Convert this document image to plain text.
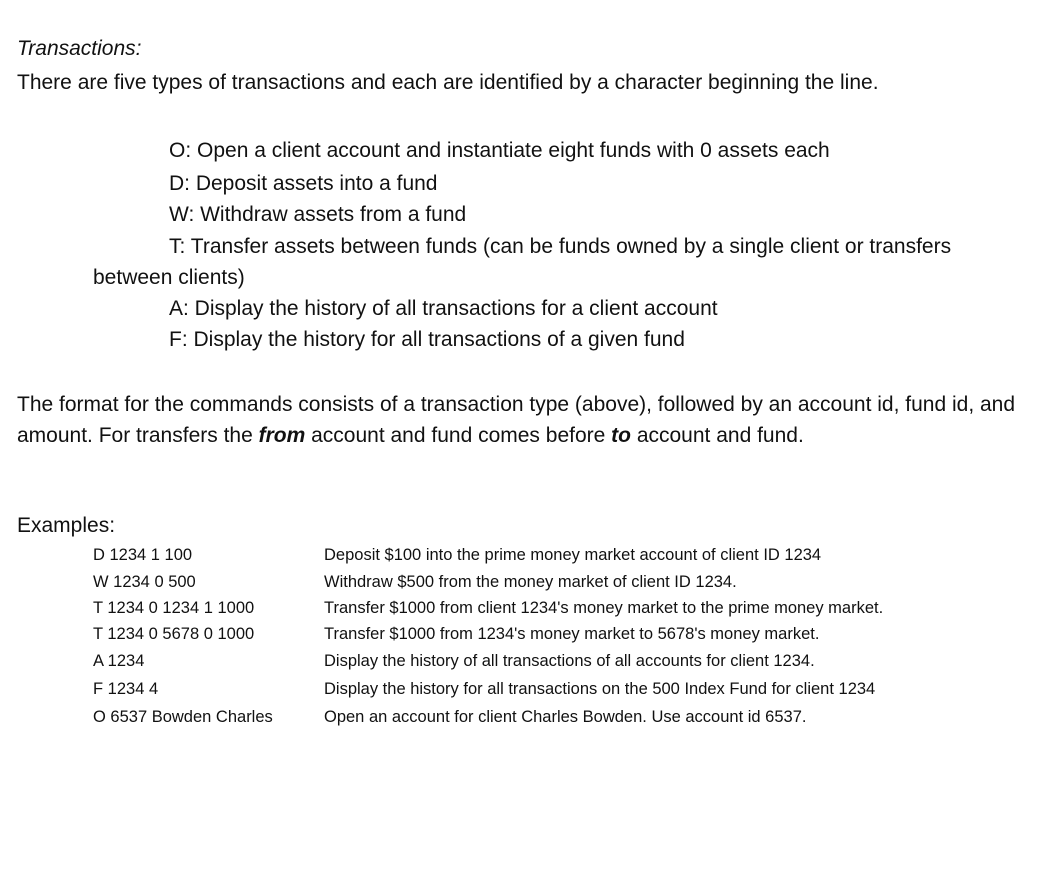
Transactions:

There are five types of transactions and each are identified by a character beginning the line.

O: Open a client account and instantiate eight funds with 0 assets each

D: Deposit assets into a fund

W: Withdraw assets from a fund

T: Transfer assets between funds (can be funds owned by a single client or transfers between clients)

A: Display the history of all transactions for a client account

F: Display the history for all transactions of a given fund

The format for the commands consists of a transaction type (above), followed by an account id, fund id, and amount. For transfers the from account and fund comes before to account and fund.

Examples:
D 1234 1 100	Deposit $100 into the prime money market account of client ID 1234
W 1234 0 500	Withdraw $500 from the money market of client ID 1234.
T 1234 0 1234 1 1000	Transfer $1000 from client 1234's money market to the prime money market.
T 1234 0 5678 0 1000	Transfer $1000 from 1234's money market to 5678's money market.
A 1234	Display the history of all transactions of all accounts for client 1234.
F 1234 4	Display the history for all transactions on the 500 Index Fund for client 1234
O 6537 Bowden Charles	Open an account for client Charles Bowden. Use account id 6537.
